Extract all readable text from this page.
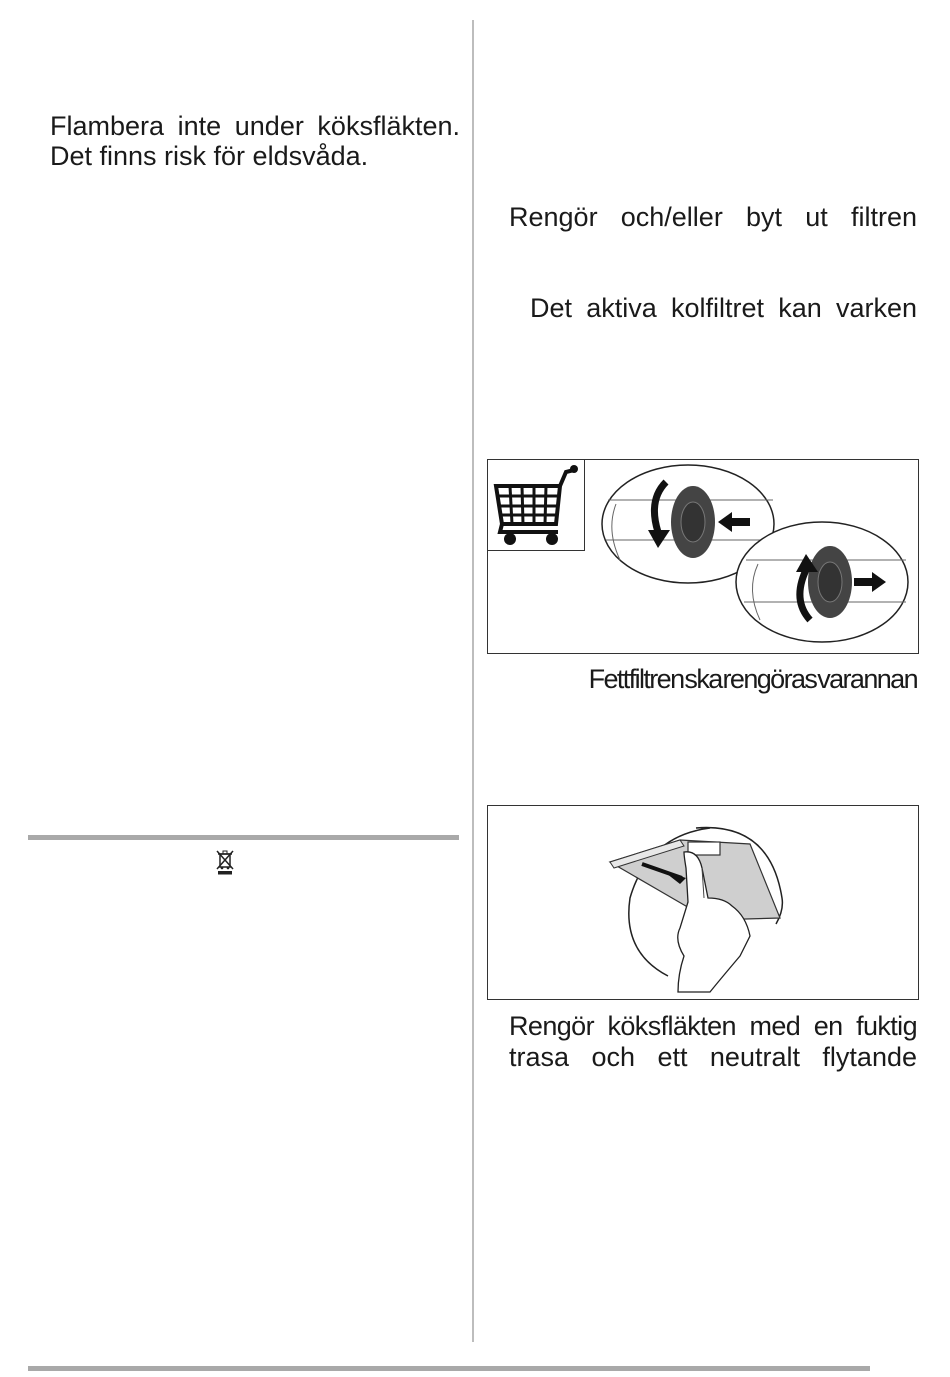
Flambera inte under köksfläkten.
Det finns risk för eldsvåda.
Rengör och/eller byt ut filtren
Det aktiva kolfiltret kan varken
Fettfiltren ska rengöras varannan
Rengör köksfläkten med en fuktig
trasa och ett neutralt flytande
